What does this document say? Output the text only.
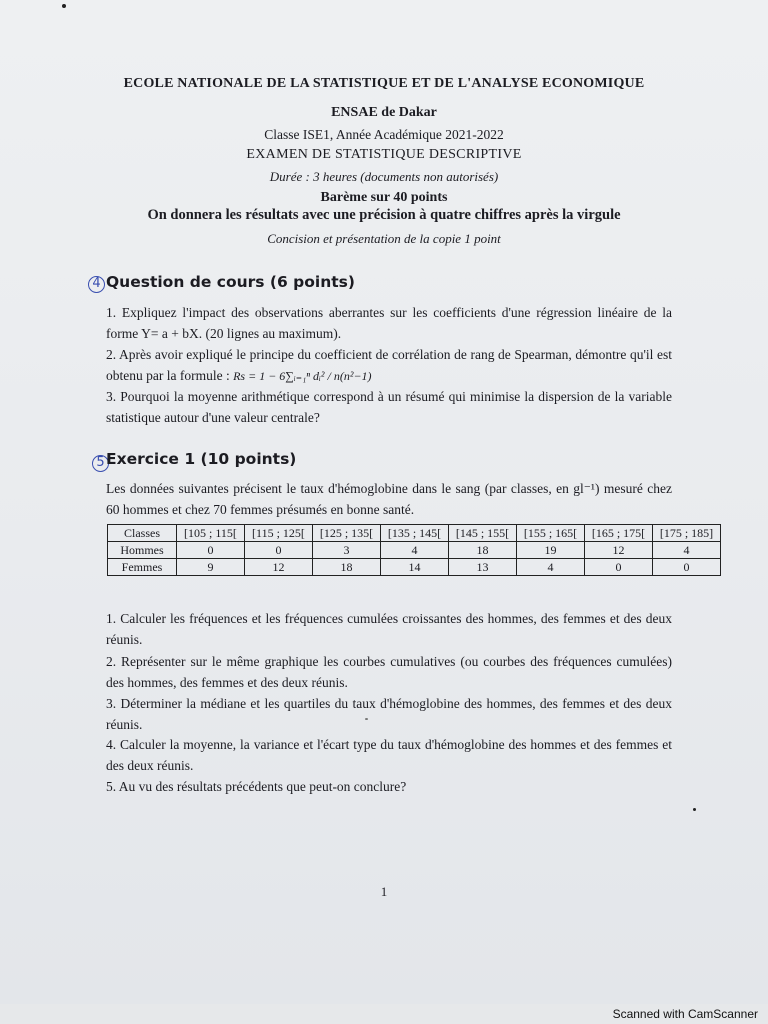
ECOLE NATIONALE DE LA STATISTIQUE ET DE L'ANALYSE ECONOMIQUE
ENSAE de Dakar
Classe ISE1, Année Académique 2021-2022
EXAMEN DE STATISTIQUE DESCRIPTIVE
Durée : 3 heures (documents non autorisés)
Barème sur 40 points
On donnera les résultats avec une précision à quatre chiffres après la virgule
Concision et présentation de la copie 1 point
4 Question de cours (6 points)
1. Expliquez l'impact des observations aberrantes sur les coefficients d'une régression linéaire de la forme Y= a + bX. (20 lignes au maximum).
2. Après avoir expliqué le principe du coefficient de corrélation de rang de Spearman, démontre qu'il est obtenu par la formule : Rs = 1 − 6∑ᵢ₌₁ⁿ dᵢ² / n(n²−1)
3. Pourquoi la moyenne arithmétique correspond à un résumé qui minimise la dispersion de la variable statistique autour d'une valeur centrale?
5 Exercice 1 (10 points)
Les données suivantes précisent le taux d'hémoglobine dans le sang (par classes, en gl⁻¹) mesuré chez 60 hommes et chez 70 femmes présumés en bonne santé.
Classes	[105 ; 115[	[115 ; 125[	[125 ; 135[	[135 ; 145[	[145 ; 155[	[155 ; 165[	[165 ; 175[	[175 ; 185]
Hommes	0	0	3	4	18	19	12	4
Femmes	9	12	18	14	13	4	0	0
1. Calculer les fréquences et les fréquences cumulées croissantes des hommes, des femmes et des deux réunis.
2. Représenter sur le même graphique les courbes cumulatives (ou courbes des fréquences cumulées) des hommes, des femmes et des deux réunis.
3. Déterminer la médiane et les quartiles du taux d'hémoglobine des hommes, des femmes et des deux réunis.
4. Calculer la moyenne, la variance et l'écart type du taux d'hémoglobine des hommes et des femmes et des deux réunis.
5. Au vu des résultats précédents que peut-on conclure?
1
Scanned with CamScanner
